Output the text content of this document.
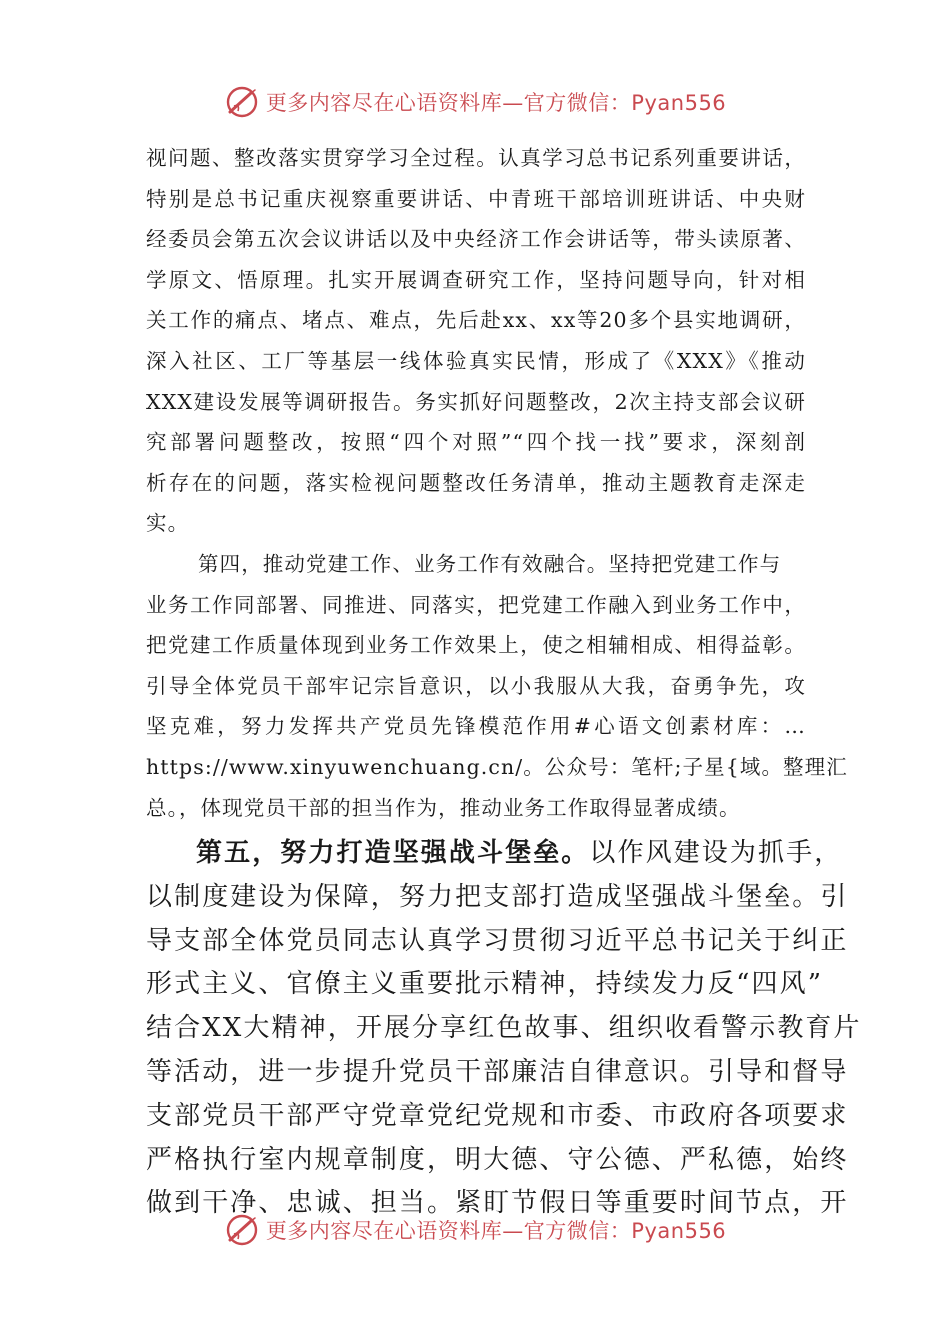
更多内容尽在心语资料库—官方微信：Pyan556

视问题、整改落实贯穿学习全过程。认真学习总书记系列重要讲话，

特别是总书记重庆视察重要讲话、中青班干部培训班讲话、中央财

经委员会第五次会议讲话以及中央经济工作会讲话等，带头读原著、

学原文、悟原理。扎实开展调查研究工作，坚持问题导向，针对相

关工作的痛点、堵点、难点，先后赴xx、xx等20多个县实地调研，

深入社区、工厂等基层一线体验真实民情，形成了《XXX》《推动

XXX建设发展等调研报告。务实抓好问题整改，2次主持支部会议研

究部署问题整改，按照“四个对照”“四个找一找”要求，深刻剖

析存在的问题，落实检视问题整改任务清单，推动主题教育走深走

实。

第四，推动党建工作、业务工作有效融合。坚持把党建工作与

业务工作同部署、同推进、同落实，把党建工作融入到业务工作中，

把党建工作质量体现到业务工作效果上，使之相辅相成、相得益彰。

引导全体党员干部牢记宗旨意识，以小我服从大我，奋勇争先，攻

坚克难，努力发挥共产党员先锋模范作用#心语文创素材库：…

https://www.xinyuwenchuang.cn/。公众号：笔杆;子星{域。整理汇

总。，体现党员干部的担当作为，推动业务工作取得显著成绩。

第五，努力打造坚强战斗堡垒。以作风建设为抓手，

以制度建设为保障，努力把支部打造成坚强战斗堡垒。引

导支部全体党员同志认真学习贯彻习近平总书记关于纠正

形式主义、官僚主义重要批示精神，持续发力反“四风”

结合XX大精神，开展分享红色故事、组织收看警示教育片

等活动，进一步提升党员干部廉洁自律意识。引导和督导

支部党员干部严守党章党纪党规和市委、市政府各项要求

严格执行室内规章制度，明大德、守公德、严私德，始终

做到干净、忠诚、担当。紧盯节假日等重要时间节点，开

更多内容尽在心语资料库—官方微信：Pyan556
